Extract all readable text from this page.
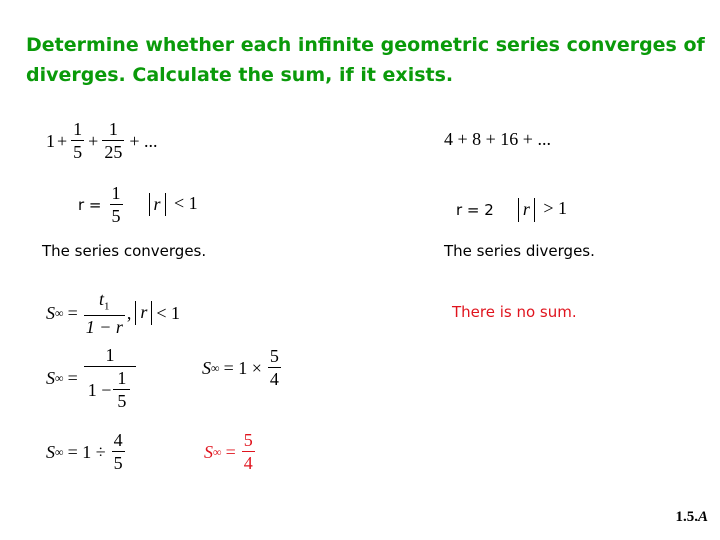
Determine whether each infinite geometric series converges of
diverges. Calculate the sum, if it exists.
$1 + \frac{1}{5} + \frac{1}{25}$ + ...
$r = \frac{1}{5}$ r < 1
The series converges.
S ∞ = $\frac{t_1}{1 - r}$ , r < 1
S ∞ = $\frac{1}{1 - \frac{1}{5}}$	S ∞ = $1 \times \frac{5}{4}$
S ∞ = $1 \div \frac{4}{5}$	S ∞ = $\frac{5}{4}$
4 + 8 + 16 + ...
r = 2 r > 1
The series diverges.
There is no sum.
1.5.A
